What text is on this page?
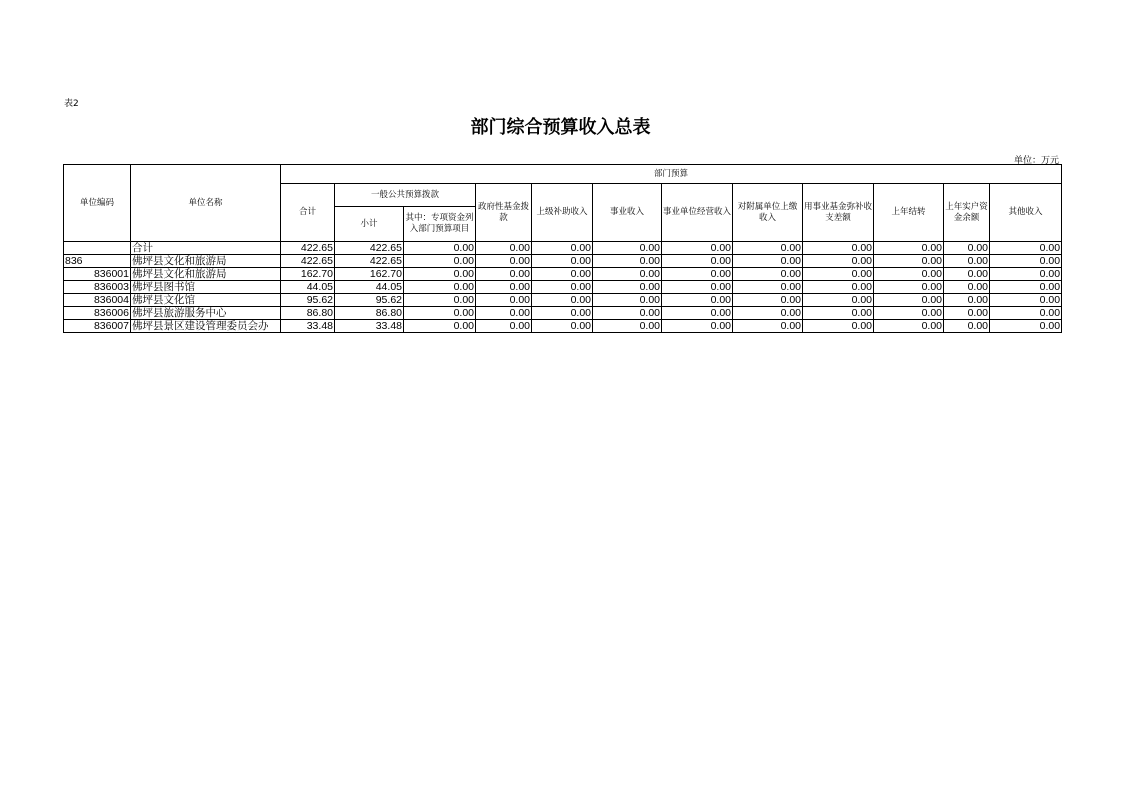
表2
部门综合预算收入总表
单位：万元
单位编码	单位名称	部门预算											
		合计	一般公共预算拨款		政府性基金拨款	上级补助收入	事业收入	事业单位经营收入	对附属单位上缴收入	用事业基金弥补收支差额	上年结转	上年实户资金余额	其他收入
			小计	其中：专项资金列入部门预算项目									
	合计	422.65	422.65	0.00	0.00	0.00	0.00	0.00	0.00	0.00	0.00	0.00	0.00
836	佛坪县文化和旅游局	422.65	422.65	0.00	0.00	0.00	0.00	0.00	0.00	0.00	0.00	0.00	0.00
836001	佛坪县文化和旅游局	162.70	162.70	0.00	0.00	0.00	0.00	0.00	0.00	0.00	0.00	0.00	0.00
836003	佛坪县图书馆	44.05	44.05	0.00	0.00	0.00	0.00	0.00	0.00	0.00	0.00	0.00	0.00
836004	佛坪县文化馆	95.62	95.62	0.00	0.00	0.00	0.00	0.00	0.00	0.00	0.00	0.00	0.00
836006	佛坪县旅游服务中心	86.80	86.80	0.00	0.00	0.00	0.00	0.00	0.00	0.00	0.00	0.00	0.00
836007	佛坪县景区建设管理委员会办	33.48	33.48	0.00	0.00	0.00	0.00	0.00	0.00	0.00	0.00	0.00	0.00
